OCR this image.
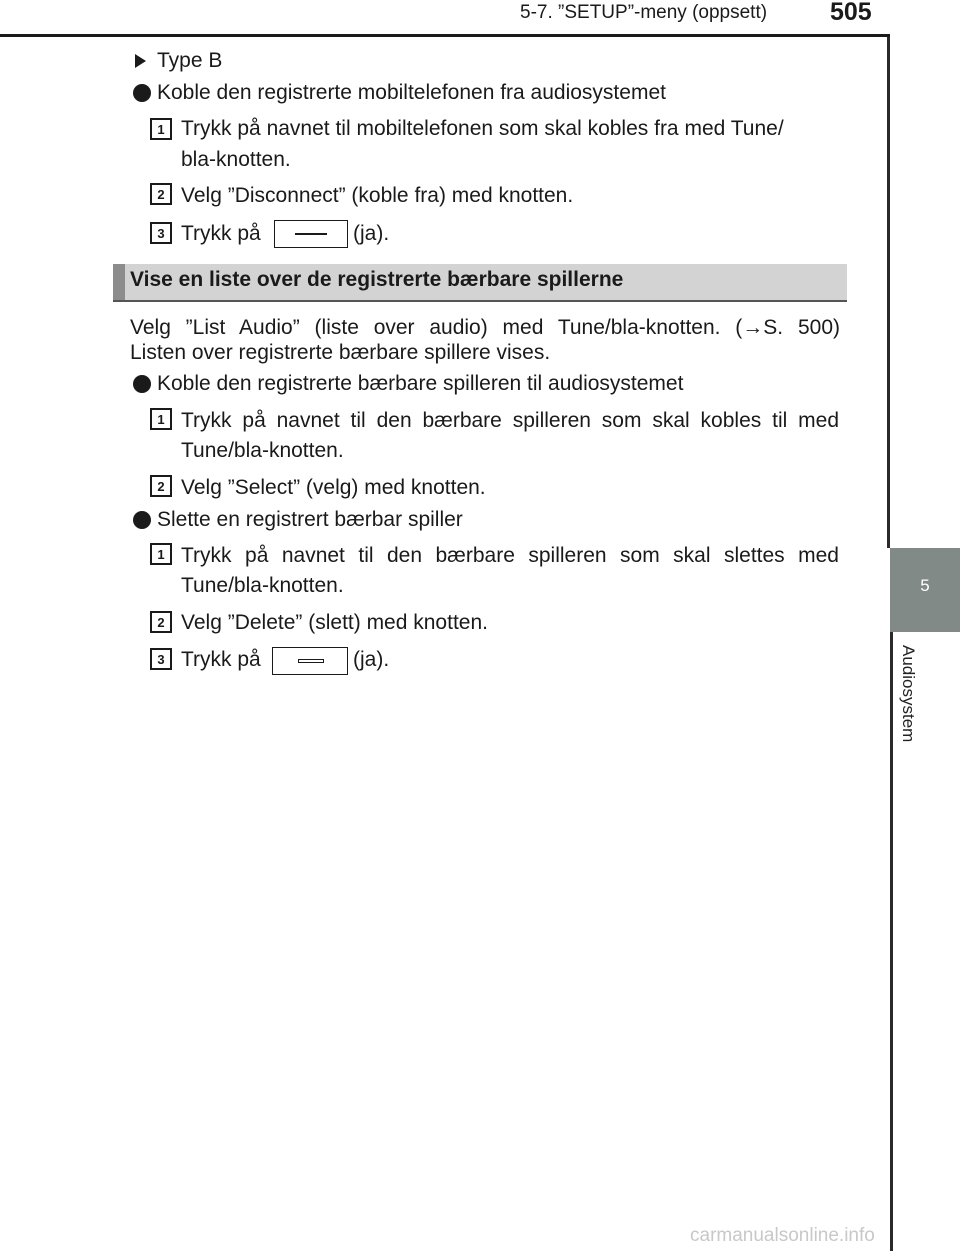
5-7. ”SETUP”-meny (oppsett)	505
5
Audiosystem
Type B
Koble den registrerte mobiltelefonen fra audiosystemet
1 Trykk på navnet til mobiltelefonen som skal kobles fra med Tune/
bla-knotten.
2 Velg ”Disconnect” (koble fra) med knotten.
3 Trykk på	(ja).
Vise en liste over de registrerte bærbare spillerne
Velg ”List Audio” (liste over audio) med Tune/bla-knotten. (→S. 500)
Listen over registrerte bærbare spillere vises.
Koble den registrerte bærbare spilleren til audiosystemet
1 Trykk på navnet til den bærbare spilleren som skal kobles til med
Tune/bla-knotten.
2 Velg ”Select” (velg) med knotten.
Slette en registrert bærbar spiller
1 Trykk på navnet til den bærbare spilleren som skal slettes med
Tune/bla-knotten.
2 Velg ”Delete” (slett) med knotten.
3 Trykk på	(ja).
carmanualsonline.info
